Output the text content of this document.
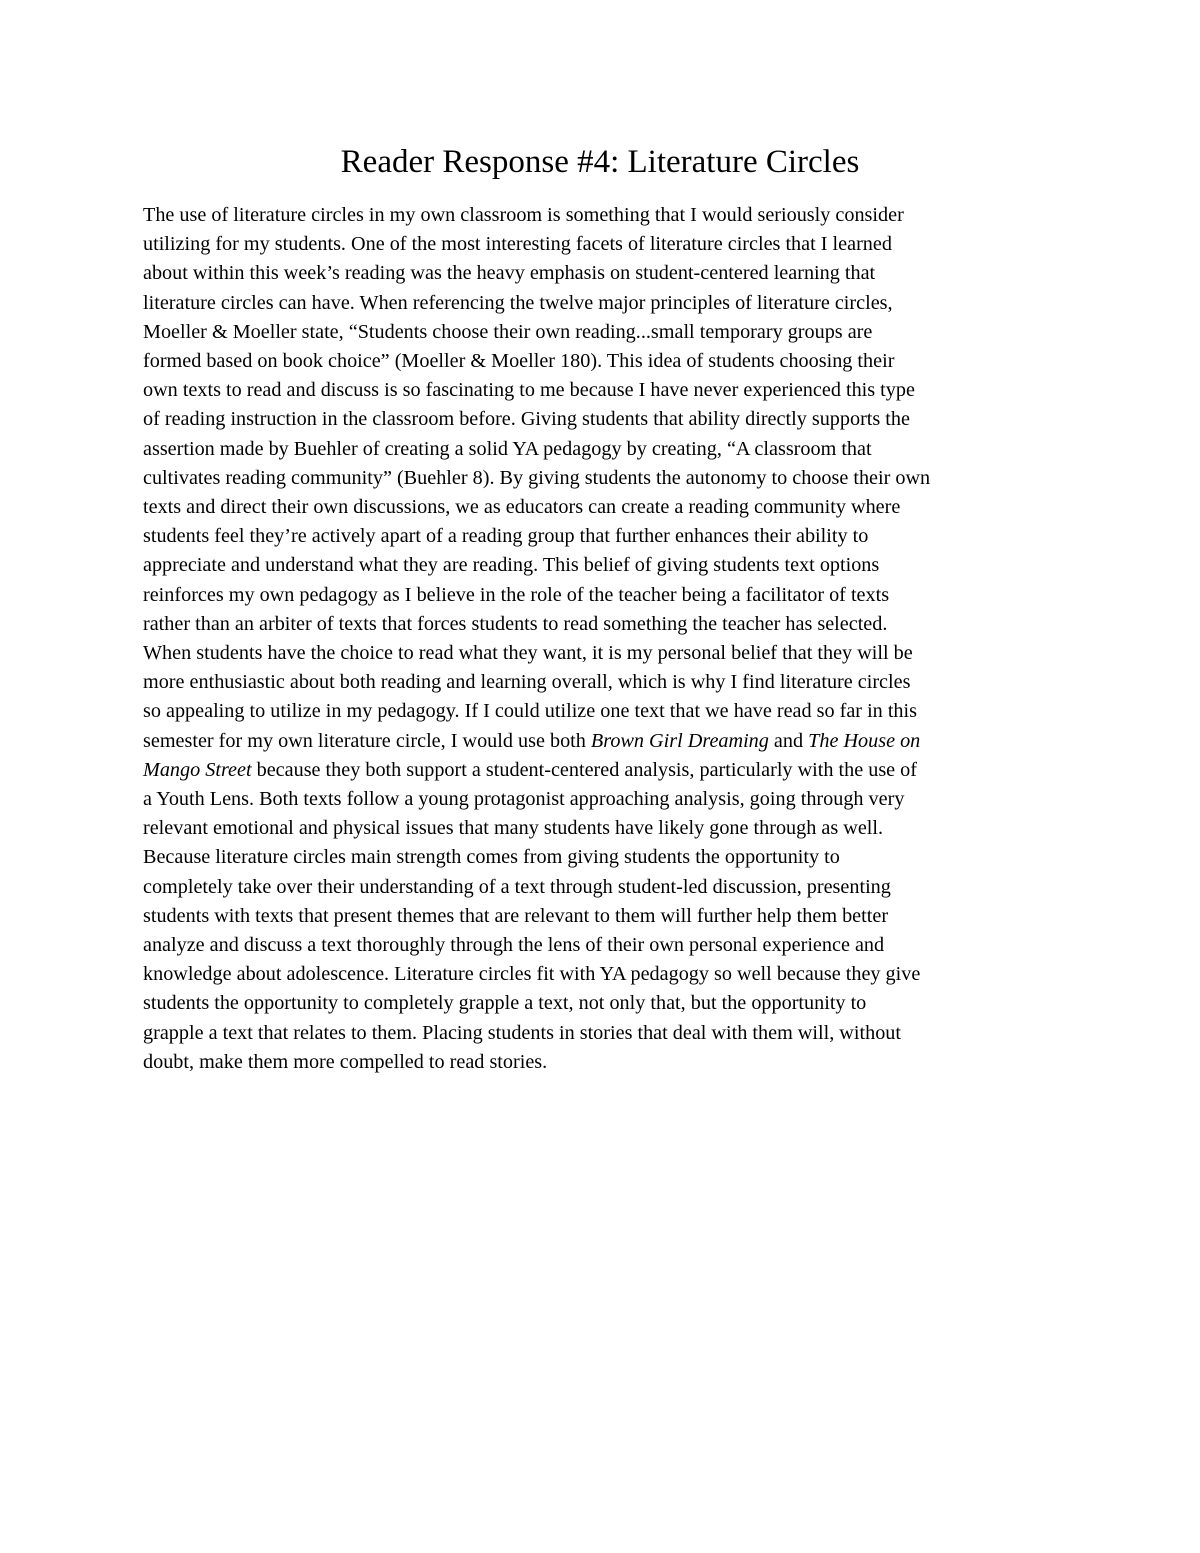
Reader Response #4: Literature Circles
The use of literature circles in my own classroom is something that I would seriously consider
utilizing for my students. One of the most interesting facets of literature circles that I learned
about within this week’s reading was the heavy emphasis on student-centered learning that
literature circles can have. When referencing the twelve major principles of literature circles,
Moeller & Moeller state, “Students choose their own reading...small temporary groups are
formed based on book choice” (Moeller & Moeller 180). This idea of students choosing their
own texts to read and discuss is so fascinating to me because I have never experienced this type
of reading instruction in the classroom before. Giving students that ability directly supports the
assertion made by Buehler of creating a solid YA pedagogy by creating, “A classroom that
cultivates reading community” (Buehler 8). By giving students the autonomy to choose their own
texts and direct their own discussions, we as educators can create a reading community where
students feel they’re actively apart of a reading group that further enhances their ability to
appreciate and understand what they are reading. This belief of giving students text options
reinforces my own pedagogy as I believe in the role of the teacher being a facilitator of texts
rather than an arbiter of texts that forces students to read something the teacher has selected.
When students have the choice to read what they want, it is my personal belief that they will be
more enthusiastic about both reading and learning overall, which is why I find literature circles
so appealing to utilize in my pedagogy. If I could utilize one text that we have read so far in this
semester for my own literature circle, I would use both Brown Girl Dreaming and The House on
Mango Street because they both support a student-centered analysis, particularly with the use of
a Youth Lens. Both texts follow a young protagonist approaching analysis, going through very
relevant emotional and physical issues that many students have likely gone through as well.
Because literature circles main strength comes from giving students the opportunity to
completely take over their understanding of a text through student-led discussion, presenting
students with texts that present themes that are relevant to them will further help them better
analyze and discuss a text thoroughly through the lens of their own personal experience and
knowledge about adolescence. Literature circles fit with YA pedagogy so well because they give
students the opportunity to completely grapple a text, not only that, but the opportunity to
grapple a text that relates to them. Placing students in stories that deal with them will, without
doubt, make them more compelled to read stories.
